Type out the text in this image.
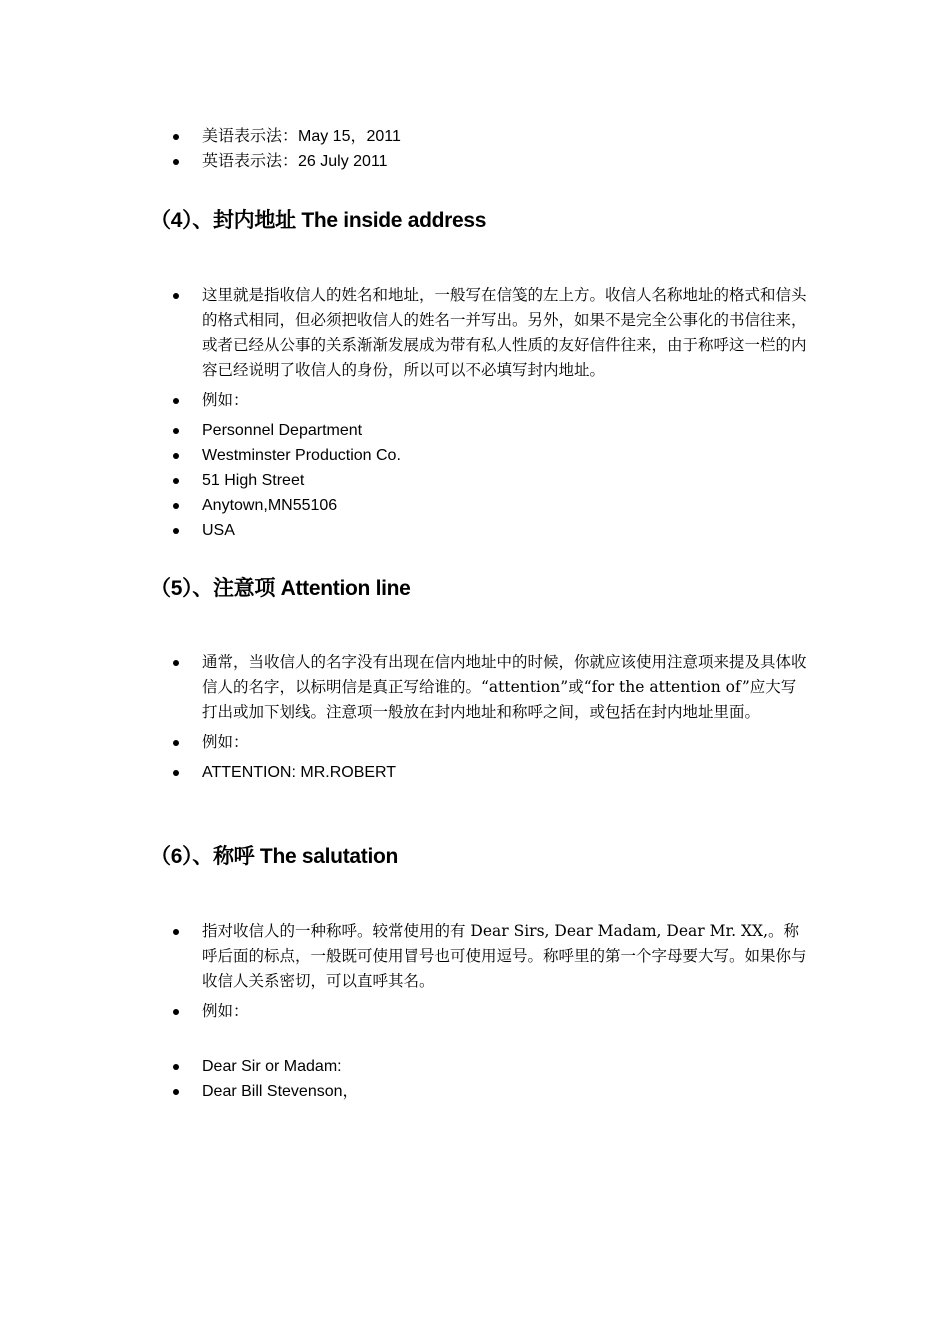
美语表示法：May 15，2011
英语表示法：26 July 2011
（4）、封内地址 The inside address
这里就是指收信人的姓名和地址，一般写在信笺的左上方。收信人名称地址的格式和信头的格式相同，但必须把收信人的姓名一并写出。另外，如果不是完全公事化的书信往来，或者已经从公事的关系渐渐发展成为带有私人性质的友好信件往来，由于称呼这一栏的内容已经说明了收信人的身份，所以可以不必填写封内地址。
例如：
Personnel Department
Westminster Production Co.
51 High Street
Anytown,MN55106
USA
（5）、注意项 Attention line
通常，当收信人的名字没有出现在信内地址中的时候，你就应该使用注意项来提及具体收信人的名字，以标明信是真正写给谁的。“attention”或“for the attention of”应大写打出或加下划线。注意项一般放在封内地址和称呼之间，或包括在封内地址里面。
例如：
ATTENTION: MR.ROBERT
（6）、称呼 The salutation
指对收信人的一种称呼。较常使用的有 Dear Sirs, Dear Madam, Dear Mr. XX,。称呼后面的标点，一般既可使用冒号也可使用逗号。称呼里的第一个字母要大写。如果你与收信人关系密切，可以直呼其名。
例如：
Dear Sir or Madam:
Dear Bill Stevenson，
